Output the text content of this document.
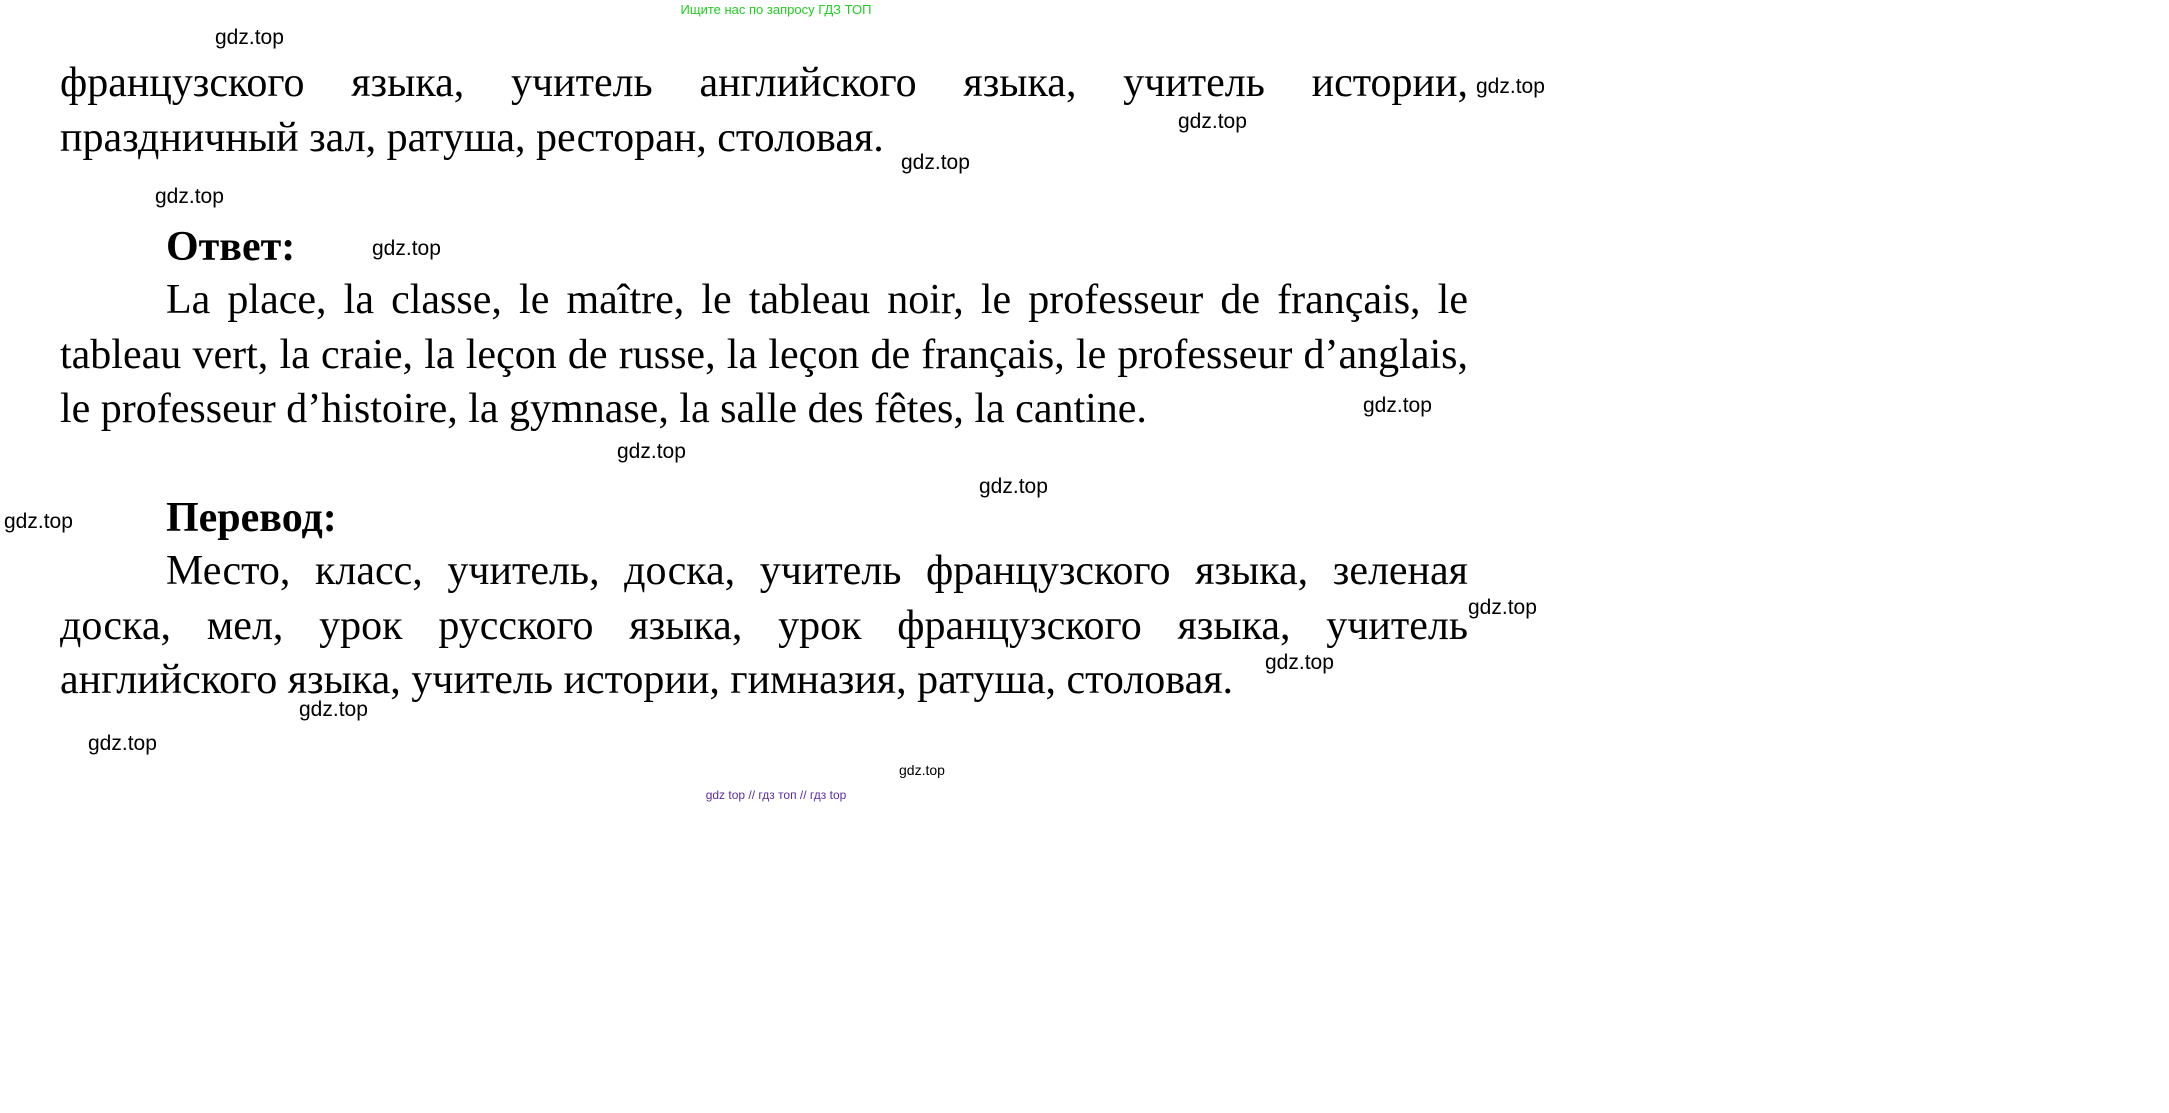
Ищите нас по запросу ГДЗ ТОП
gdz.top
gdz.top
gdz.top
gdz.top
gdz.top
gdz.top
gdz.top
gdz.top
gdz.top
gdz.top
gdz.top
gdz.top
gdz.top
gdz.top
gdz.top
французского языка, учитель английского языка, учитель истории, праздничный зал, ратуша, ресторан, столовая.
Ответ:
La place, la classe, le maître, le tableau noir, le professeur de français, le tableau vert, la craie, la leçon de russe, la leçon de français, le professeur d’anglais, le professeur d’histoire, la gymnase, la salle des fêtes, la cantine.
Перевод:
Место, класс, учитель, доска, учитель французского языка, зеленая доска, мел, урок русского языка, урок французского языка, учитель английского языка, учитель истории, гимназия, ратуша, столовая.
gdz top // гдз топ // гдз top
